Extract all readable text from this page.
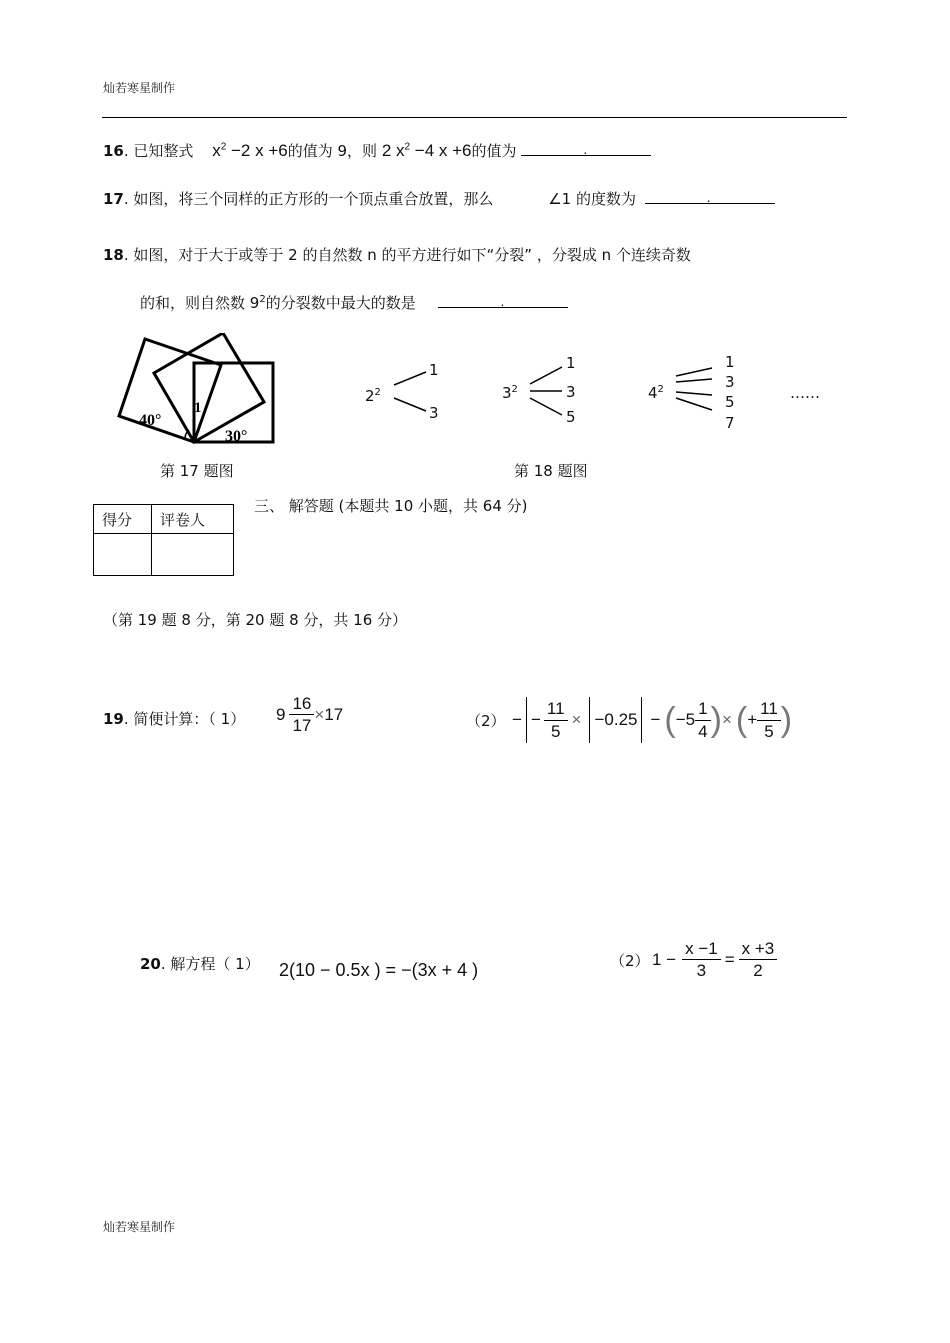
灿若寒星制作
16. 已知整式 $x^2 -2$ x +6的值为 9，则 2 $x^2 -4$ x +6的值为	.
17. 如图，将三个同样的正方形的一个顶点重合放置，那么	∠1 的度数为	.
18. 如图，对于大于或等于 2 的自然数 n 的平方进行如下“分裂” ，分裂成 n 个连续奇数
的和，则自然数 $9^2$的分裂数中最大的数是	.
40°
30°
1
第 17 题图
$2^2$
1
3
$3^2$
1
3
5
$4^2$
1
3
5
7
……
第 18 题图
得分	评卷人

三、 解答题 (本题共 10 小题，共 64 分)
（第 19 题 8 分，第 20 题 8 分，共 16 分）
19. 简便计算：（ 1） $9 \frac{16}{17} \times 17$	（2） − − $\frac{11}{5} \times -0.25$ − ( $-5 \frac{1}{4}$ ) × ( + $\frac{11}{5}$ )
20. 解方程（ 1） 2(10 − 0.5x ) = −(3x + 4 )	（2） $1 - \frac{x -1}{3} = \frac{x +3}{2}$
灿若寒星制作
